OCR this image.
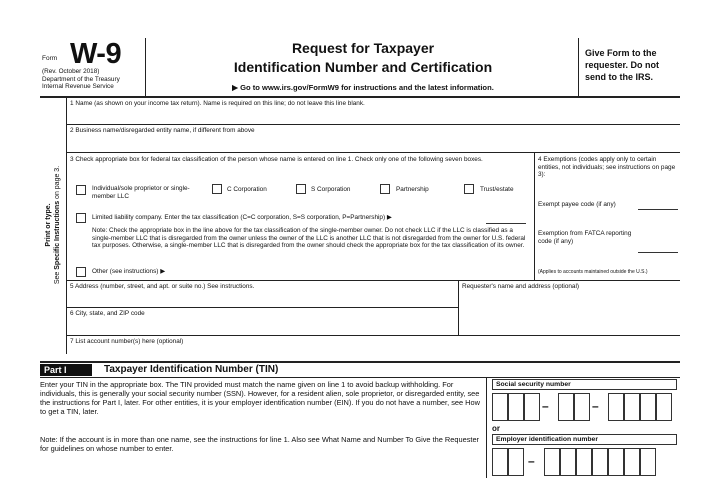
Form W-9
(Rev. October 2018)
Department of the Treasury
Internal Revenue Service
Request for Taxpayer
Identification Number and Certification
▶ Go to www.irs.gov/FormW9 for instructions and the latest information.
Give Form to the requester. Do not send to the IRS.
Print or type.
See Specific Instructions on page 3.
1 Name (as shown on your income tax return). Name is required on this line; do not leave this line blank.
2 Business name/disregarded entity name, if different from above
3 Check appropriate box for federal tax classification of the person whose name is entered on line 1. Check only one of the following seven boxes.
Individual/sole proprietor or single-member LLC
C Corporation	S Corporation	Partnership	Trust/estate
Limited liability company. Enter the tax classification (C=C corporation, S=S corporation, P=Partnership) ▶
Note: Check the appropriate box in the line above for the tax classification of the single-member owner. Do not check LLC if the LLC is classified as a single-member LLC that is disregarded from the owner unless the owner of the LLC is another LLC that is not disregarded from the owner for U.S. federal tax purposes. Otherwise, a single-member LLC that is disregarded from the owner should check the appropriate box for the tax classification of its owner.
Other (see instructions) ▶
4 Exemptions (codes apply only to certain entities, not individuals; see instructions on page 3):
Exempt payee code (if any)
Exemption from FATCA reporting code (if any)
(Applies to accounts maintained outside the U.S.)
5 Address (number, street, and apt. or suite no.) See instructions.
6 City, state, and ZIP code
Requester's name and address (optional)
7 List account number(s) here (optional)
Part I	Taxpayer Identification Number (TIN)
Enter your TIN in the appropriate box. The TIN provided must match the name given on line 1 to avoid backup withholding. For individuals, this is generally your social security number (SSN). However, for a resident alien, sole proprietor, or disregarded entity, see the instructions for Part I, later. For other entities, it is your employer identification number (EIN). If you do not have a number, see How to get a TIN, later.
Note: If the account is in more than one name, see the instructions for line 1. Also see What Name and Number To Give the Requester for guidelines on whose number to enter.
Social security number
–	–
or
Employer identification number
–
